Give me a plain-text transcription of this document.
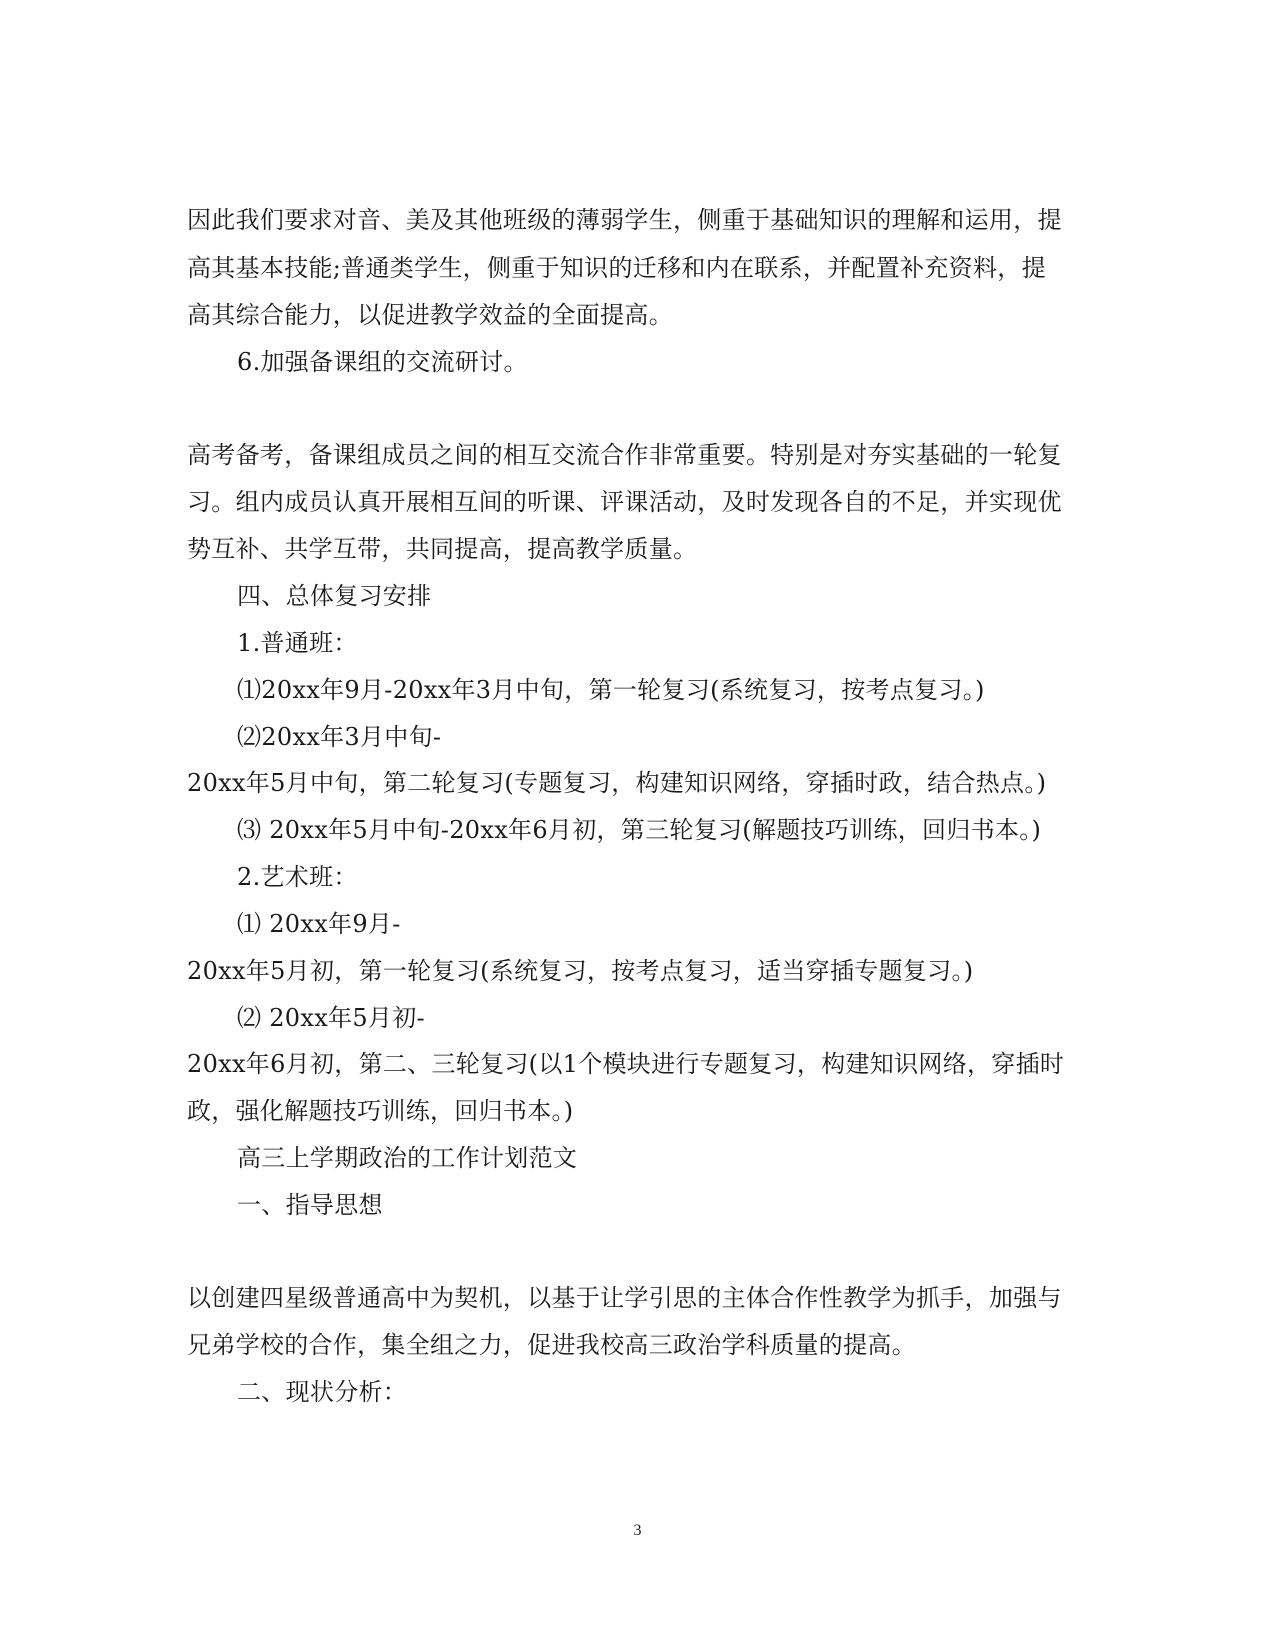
因此我们要求对音、美及其他班级的薄弱学生，侧重于基础知识的理解和运用，提
高其基本技能;普通类学生，侧重于知识的迁移和内在联系，并配置补充资料，提
高其综合能力，以促进教学效益的全面提高。
6.加强备课组的交流研讨。
高考备考，备课组成员之间的相互交流合作非常重要。特别是对夯实基础的一轮复
习。组内成员认真开展相互间的听课、评课活动，及时发现各自的不足，并实现优
势互补、共学互带，共同提高，提高教学质量。
四、总体复习安排
1.普通班：
⑴20xx年9月-20xx年3月中旬，第一轮复习(系统复习，按考点复习。)
⑵20xx年3月中旬-
20xx年5月中旬，第二轮复习(专题复习，构建知识网络，穿插时政，结合热点。)
⑶ 20xx年5月中旬-20xx年6月初，第三轮复习(解题技巧训练，回归书本。)
2.艺术班：
⑴ 20xx年9月-
20xx年5月初，第一轮复习(系统复习，按考点复习，适当穿插专题复习。)
⑵ 20xx年5月初-
20xx年6月初，第二、三轮复习(以1个模块进行专题复习，构建知识网络，穿插时
政，强化解题技巧训练，回归书本。)
高三上学期政治的工作计划范文
一、指导思想
以创建四星级普通高中为契机，以基于让学引思的主体合作性教学为抓手，加强与
兄弟学校的合作，集全组之力，促进我校高三政治学科质量的提高。
二、现状分析：
3
